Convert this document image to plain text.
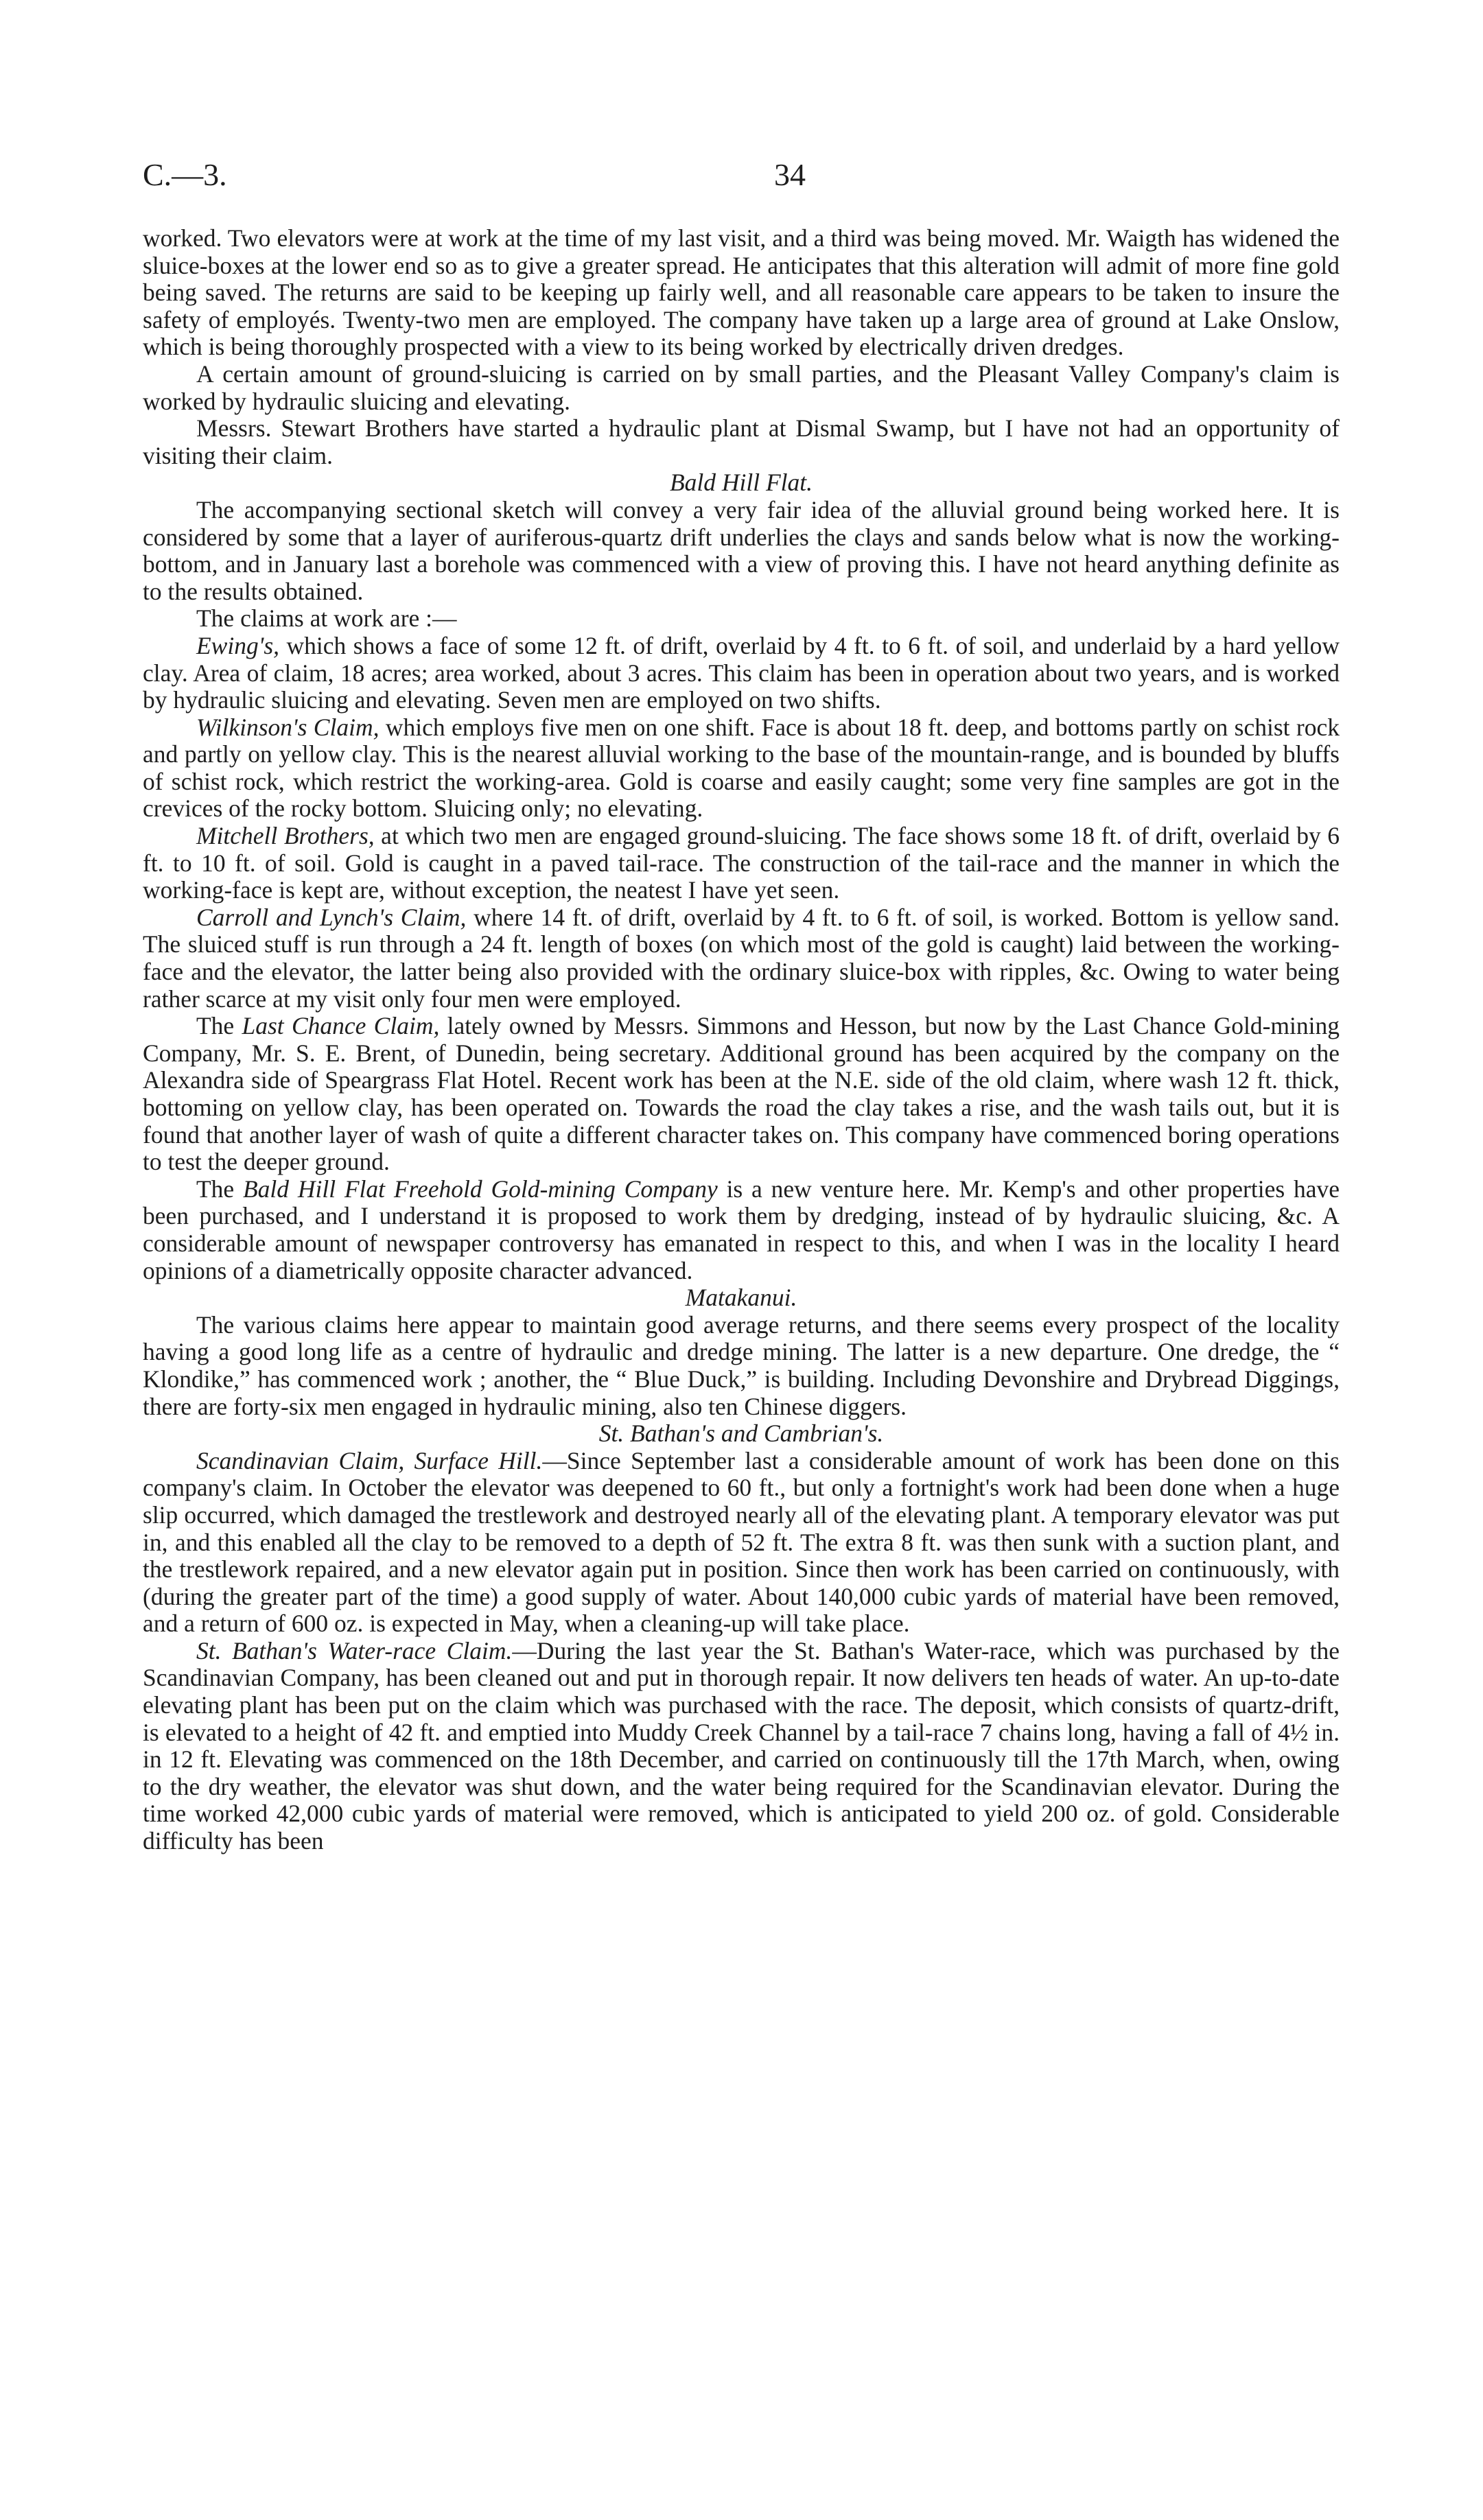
C.—3.	34

worked. Two elevators were at work at the time of my last visit, and a third was being moved. Mr. Waigth has widened the sluice-boxes at the lower end so as to give a greater spread. He anticipates that this alteration will admit of more fine gold being saved. The returns are said to be keeping up fairly well, and all reasonable care appears to be taken to insure the safety of employés. Twenty-two men are employed. The company have taken up a large area of ground at Lake Onslow, which is being thoroughly prospected with a view to its being worked by electrically driven dredges.

A certain amount of ground-sluicing is carried on by small parties, and the Pleasant Valley Company's claim is worked by hydraulic sluicing and elevating.

Messrs. Stewart Brothers have started a hydraulic plant at Dismal Swamp, but I have not had an opportunity of visiting their claim.

Bald Hill Flat.

The accompanying sectional sketch will convey a very fair idea of the alluvial ground being worked here. It is considered by some that a layer of auriferous-quartz drift underlies the clays and sands below what is now the working-bottom, and in January last a borehole was commenced with a view of proving this. I have not heard anything definite as to the results obtained.

The claims at work are :—

Ewing's, which shows a face of some 12 ft. of drift, overlaid by 4 ft. to 6 ft. of soil, and underlaid by a hard yellow clay. Area of claim, 18 acres; area worked, about 3 acres. This claim has been in operation about two years, and is worked by hydraulic sluicing and elevating. Seven men are employed on two shifts.

Wilkinson's Claim, which employs five men on one shift. Face is about 18 ft. deep, and bottoms partly on schist rock and partly on yellow clay. This is the nearest alluvial working to the base of the mountain-range, and is bounded by bluffs of schist rock, which restrict the working-area. Gold is coarse and easily caught; some very fine samples are got in the crevices of the rocky bottom. Sluicing only; no elevating.

Mitchell Brothers, at which two men are engaged ground-sluicing. The face shows some 18 ft. of drift, overlaid by 6 ft. to 10 ft. of soil. Gold is caught in a paved tail-race. The construction of the tail-race and the manner in which the working-face is kept are, without exception, the neatest I have yet seen.

Carroll and Lynch's Claim, where 14 ft. of drift, overlaid by 4 ft. to 6 ft. of soil, is worked. Bottom is yellow sand. The sluiced stuff is run through a 24 ft. length of boxes (on which most of the gold is caught) laid between the working-face and the elevator, the latter being also provided with the ordinary sluice-box with ripples, &c. Owing to water being rather scarce at my visit only four men were employed.

The Last Chance Claim, lately owned by Messrs. Simmons and Hesson, but now by the Last Chance Gold-mining Company, Mr. S. E. Brent, of Dunedin, being secretary. Additional ground has been acquired by the company on the Alexandra side of Speargrass Flat Hotel. Recent work has been at the N.E. side of the old claim, where wash 12 ft. thick, bottoming on yellow clay, has been operated on. Towards the road the clay takes a rise, and the wash tails out, but it is found that another layer of wash of quite a different character takes on. This company have commenced boring operations to test the deeper ground.

The Bald Hill Flat Freehold Gold-mining Company is a new venture here. Mr. Kemp's and other properties have been purchased, and I understand it is proposed to work them by dredging, instead of by hydraulic sluicing, &c. A considerable amount of newspaper controversy has emanated in respect to this, and when I was in the locality I heard opinions of a diametrically opposite character advanced.

Matakanui.

The various claims here appear to maintain good average returns, and there seems every prospect of the locality having a good long life as a centre of hydraulic and dredge mining. The latter is a new departure. One dredge, the “ Klondike,” has commenced work ; another, the “ Blue Duck,” is building. Including Devonshire and Drybread Diggings, there are forty-six men engaged in hydraulic mining, also ten Chinese diggers.

St. Bathan's and Cambrian's.

Scandinavian Claim, Surface Hill.—Since September last a considerable amount of work has been done on this company's claim. In October the elevator was deepened to 60 ft., but only a fortnight's work had been done when a huge slip occurred, which damaged the trestlework and destroyed nearly all of the elevating plant. A temporary elevator was put in, and this enabled all the clay to be removed to a depth of 52 ft. The extra 8 ft. was then sunk with a suction plant, and the trestlework repaired, and a new elevator again put in position. Since then work has been carried on continuously, with (during the greater part of the time) a good supply of water. About 140,000 cubic yards of material have been removed, and a return of 600 oz. is expected in May, when a cleaning-up will take place.

St. Bathan's Water-race Claim.—During the last year the St. Bathan's Water-race, which was purchased by the Scandinavian Company, has been cleaned out and put in thorough repair. It now delivers ten heads of water. An up-to-date elevating plant has been put on the claim which was purchased with the race. The deposit, which consists of quartz-drift, is elevated to a height of 42 ft. and emptied into Muddy Creek Channel by a tail-race 7 chains long, having a fall of 4½ in. in 12 ft. Elevating was commenced on the 18th December, and carried on continuously till the 17th March, when, owing to the dry weather, the elevator was shut down, and the water being required for the Scandinavian elevator. During the time worked 42,000 cubic yards of material were removed, which is anticipated to yield 200 oz. of gold. Considerable difficulty has been
